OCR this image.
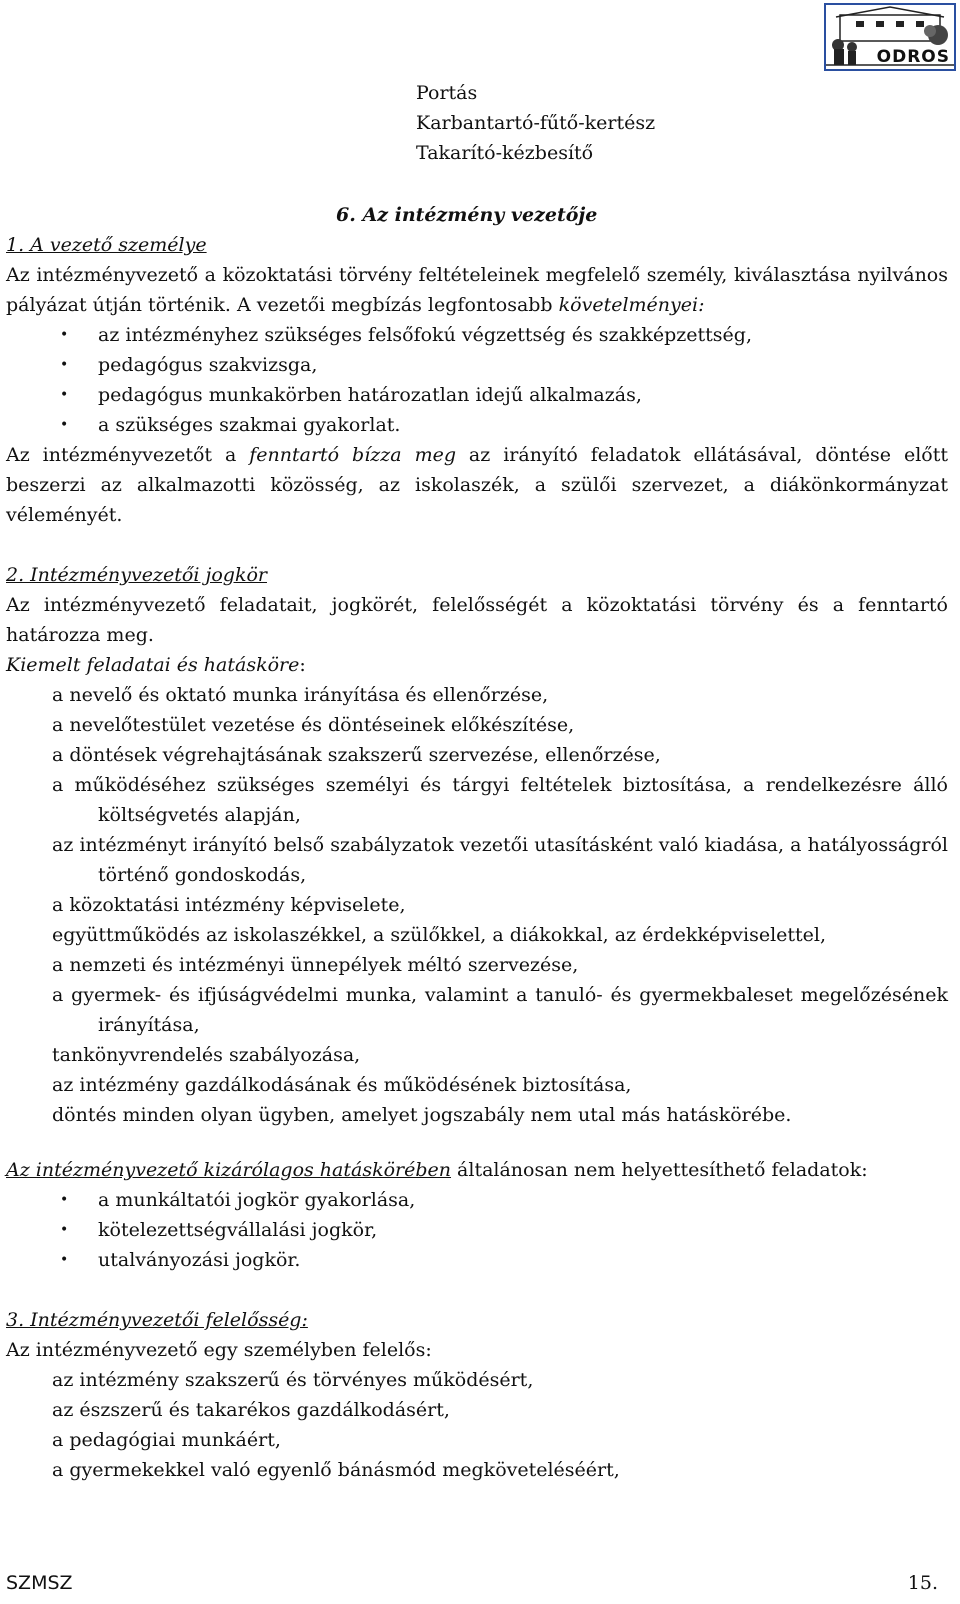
ODROS
Portás
Karbantartó-fűtő-kertész
Takarító-kézbesítő
6. Az intézmény vezetője
1. A vezető személye

Az intézményvezető a közoktatási törvény feltételeinek megfelelő személy, kiválasztása nyilvános pályázat útján történik. A vezetői megbízás legfontosabb követelményei:

• az intézményhez szükséges felsőfokú végzettség és szakképzettség,
• pedagógus szakvizsga,
• pedagógus munkakörben határozatlan idejű alkalmazás,
• a szükséges szakmai gyakorlat.

Az intézményvezetőt a fenntartó bízza meg az irányító feladatok ellátásával, döntése előtt beszerzi az alkalmazotti közösség, az iskolaszék, a szülői szervezet, a diákönkormányzat véleményét.

2. Intézményvezetői jogkör

Az intézményvezető feladatait, jogkörét, felelősségét a közoktatási törvény és a fenntartó határozza meg.

Kiemelt feladatai és hatásköre:
a nevelő és oktató munka irányítása és ellenőrzése,
a nevelőtestület vezetése és döntéseinek előkészítése,
a döntések végrehajtásának szakszerű szervezése, ellenőrzése,
a működéséhez szükséges személyi és tárgyi feltételek biztosítása, a rendelkezésre álló költségvetés alapján,
az intézményt irányító belső szabályzatok vezetői utasításként való kiadása, a hatályosságról történő gondoskodás,
a közoktatási intézmény képviselete,
együttműködés az iskolaszékkel, a szülőkkel, a diákokkal, az érdekképviselettel,
a nemzeti és intézményi ünnepélyek méltó szervezése,
a gyermek- és ifjúságvédelmi munka, valamint a tanuló- és gyermekbaleset megelőzésének irányítása,
tankönyvrendelés szabályozása,
az intézmény gazdálkodásának és működésének biztosítása,
döntés minden olyan ügyben, amelyet jogszabály nem utal más hatáskörébe.
Az intézményvezető kizárólagos hatáskörében általánosan nem helyettesíthető feladatok:
• a munkáltatói jogkör gyakorlása,
• kötelezettségvállalási jogkör,
• utalványozási jogkör.
3. Intézményvezetői felelősség:
Az intézményvezető egy személyben felelős:
az intézmény szakszerű és törvényes működésért,
az észszerű és takarékos gazdálkodásért,
a pedagógiai munkáért,
a gyermekekkel való egyenlő bánásmód megköveteléséért,
SZMSZ	15.
